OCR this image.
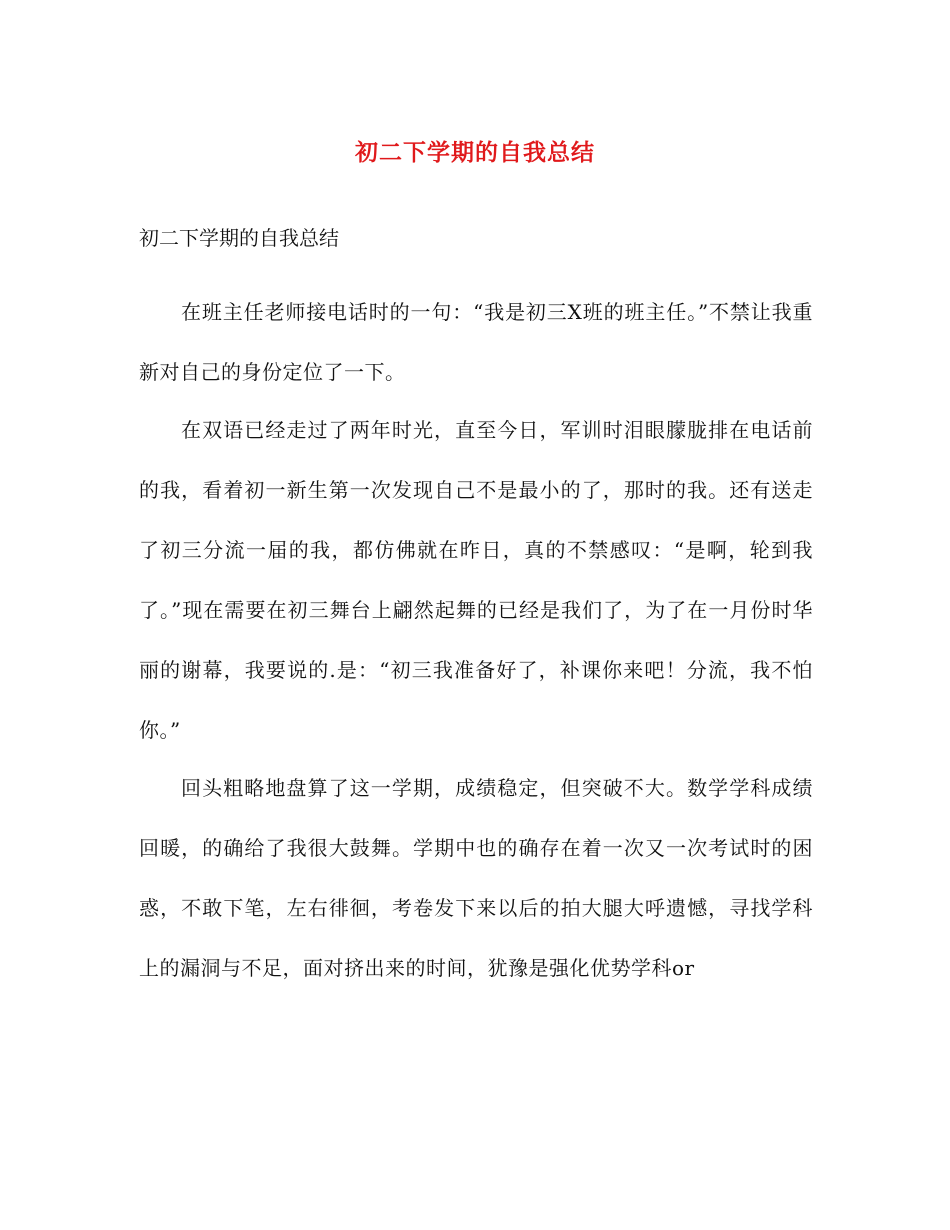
初二下学期的自我总结

初二下学期的自我总结

在班主任老师接电话时的一句：“我是初三X班的班主任。”不禁让我重新对自己的身份定位了一下。

在双语已经走过了两年时光，直至今日，军训时泪眼朦胧排在电话前的我，看着初一新生第一次发现自己不是最小的了，那时的我。还有送走了初三分流一届的我，都仿佛就在昨日，真的不禁感叹：“是啊，轮到我了。”现在需要在初三舞台上翩然起舞的已经是我们了，为了在一月份时华丽的谢幕，我要说的.是：“初三我准备好了，补课你来吧！分流，我不怕你。”

回头粗略地盘算了这一学期，成绩稳定，但突破不大。数学学科成绩回暖，的确给了我很大鼓舞。学期中也的确存在着一次又一次考试时的困惑，不敢下笔，左右徘徊，考卷发下来以后的拍大腿大呼遗憾，寻找学科上的漏洞与不足，面对挤出来的时间，犹豫是强化优势学科or
